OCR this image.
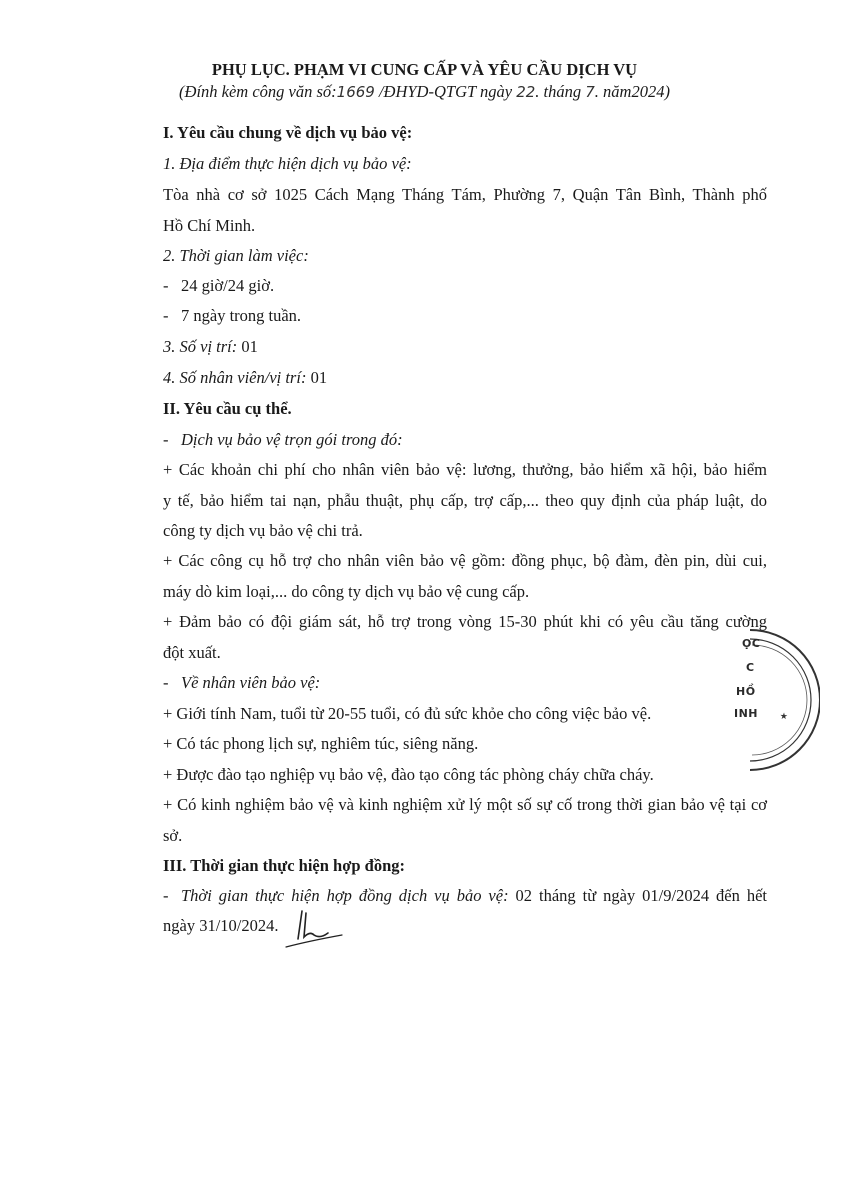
PHỤ LỤC. PHẠM VI CUNG CẤP VÀ YÊU CẦU DỊCH VỤ

(Đính kèm công văn số:1669 /ĐHYD-QTGT ngày 22. tháng 7. năm2024)

I. Yêu cầu chung về dịch vụ bảo vệ:

1. Địa điểm thực hiện dịch vụ bảo vệ:

Tòa nhà cơ sở 1025 Cách Mạng Tháng Tám, Phường 7, Quận Tân Bình, Thành phố

Hồ Chí Minh.

2. Thời gian làm việc:

- 24 giờ/24 giờ.

- 7 ngày trong tuần.

3. Số vị trí: 01

4. Số nhân viên/vị trí: 01

II. Yêu cầu cụ thể.

- Dịch vụ bảo vệ trọn gói trong đó:

+ Các khoản chi phí cho nhân viên bảo vệ: lương, thưởng, bảo hiểm xã hội, bảo hiểm

y tế, bảo hiểm tai nạn, phẫu thuật, phụ cấp, trợ cấp,... theo quy định của pháp luật, do

công ty dịch vụ bảo vệ chi trả.

+ Các công cụ hỗ trợ cho nhân viên bảo vệ gồm: đồng phục, bộ đàm, đèn pin, dùi cui,

máy dò kim loại,... do công ty dịch vụ bảo vệ cung cấp.

+ Đảm bảo có đội giám sát, hỗ trợ trong vòng 15-30 phút khi có yêu cầu tăng cường

đột xuất.

- Về nhân viên bảo vệ:

+ Giới tính Nam, tuổi từ 20-55 tuổi, có đủ sức khỏe cho công việc bảo vệ.

+ Có tác phong lịch sự, nghiêm túc, siêng năng.

+ Được đào tạo nghiệp vụ bảo vệ, đào tạo công tác phòng cháy chữa cháy.

+ Có kinh nghiệm bảo vệ và kinh nghiệm xử lý một số sự cố trong thời gian bảo vệ tại cơ

sở.

III. Thời gian thực hiện hợp đồng:

- Thời gian thực hiện hợp đồng dịch vụ bảo vệ: 02 tháng từ ngày 01/9/2024 đến hết

ngày 31/10/2024.

★
ỌC
C
HỒ
INH
